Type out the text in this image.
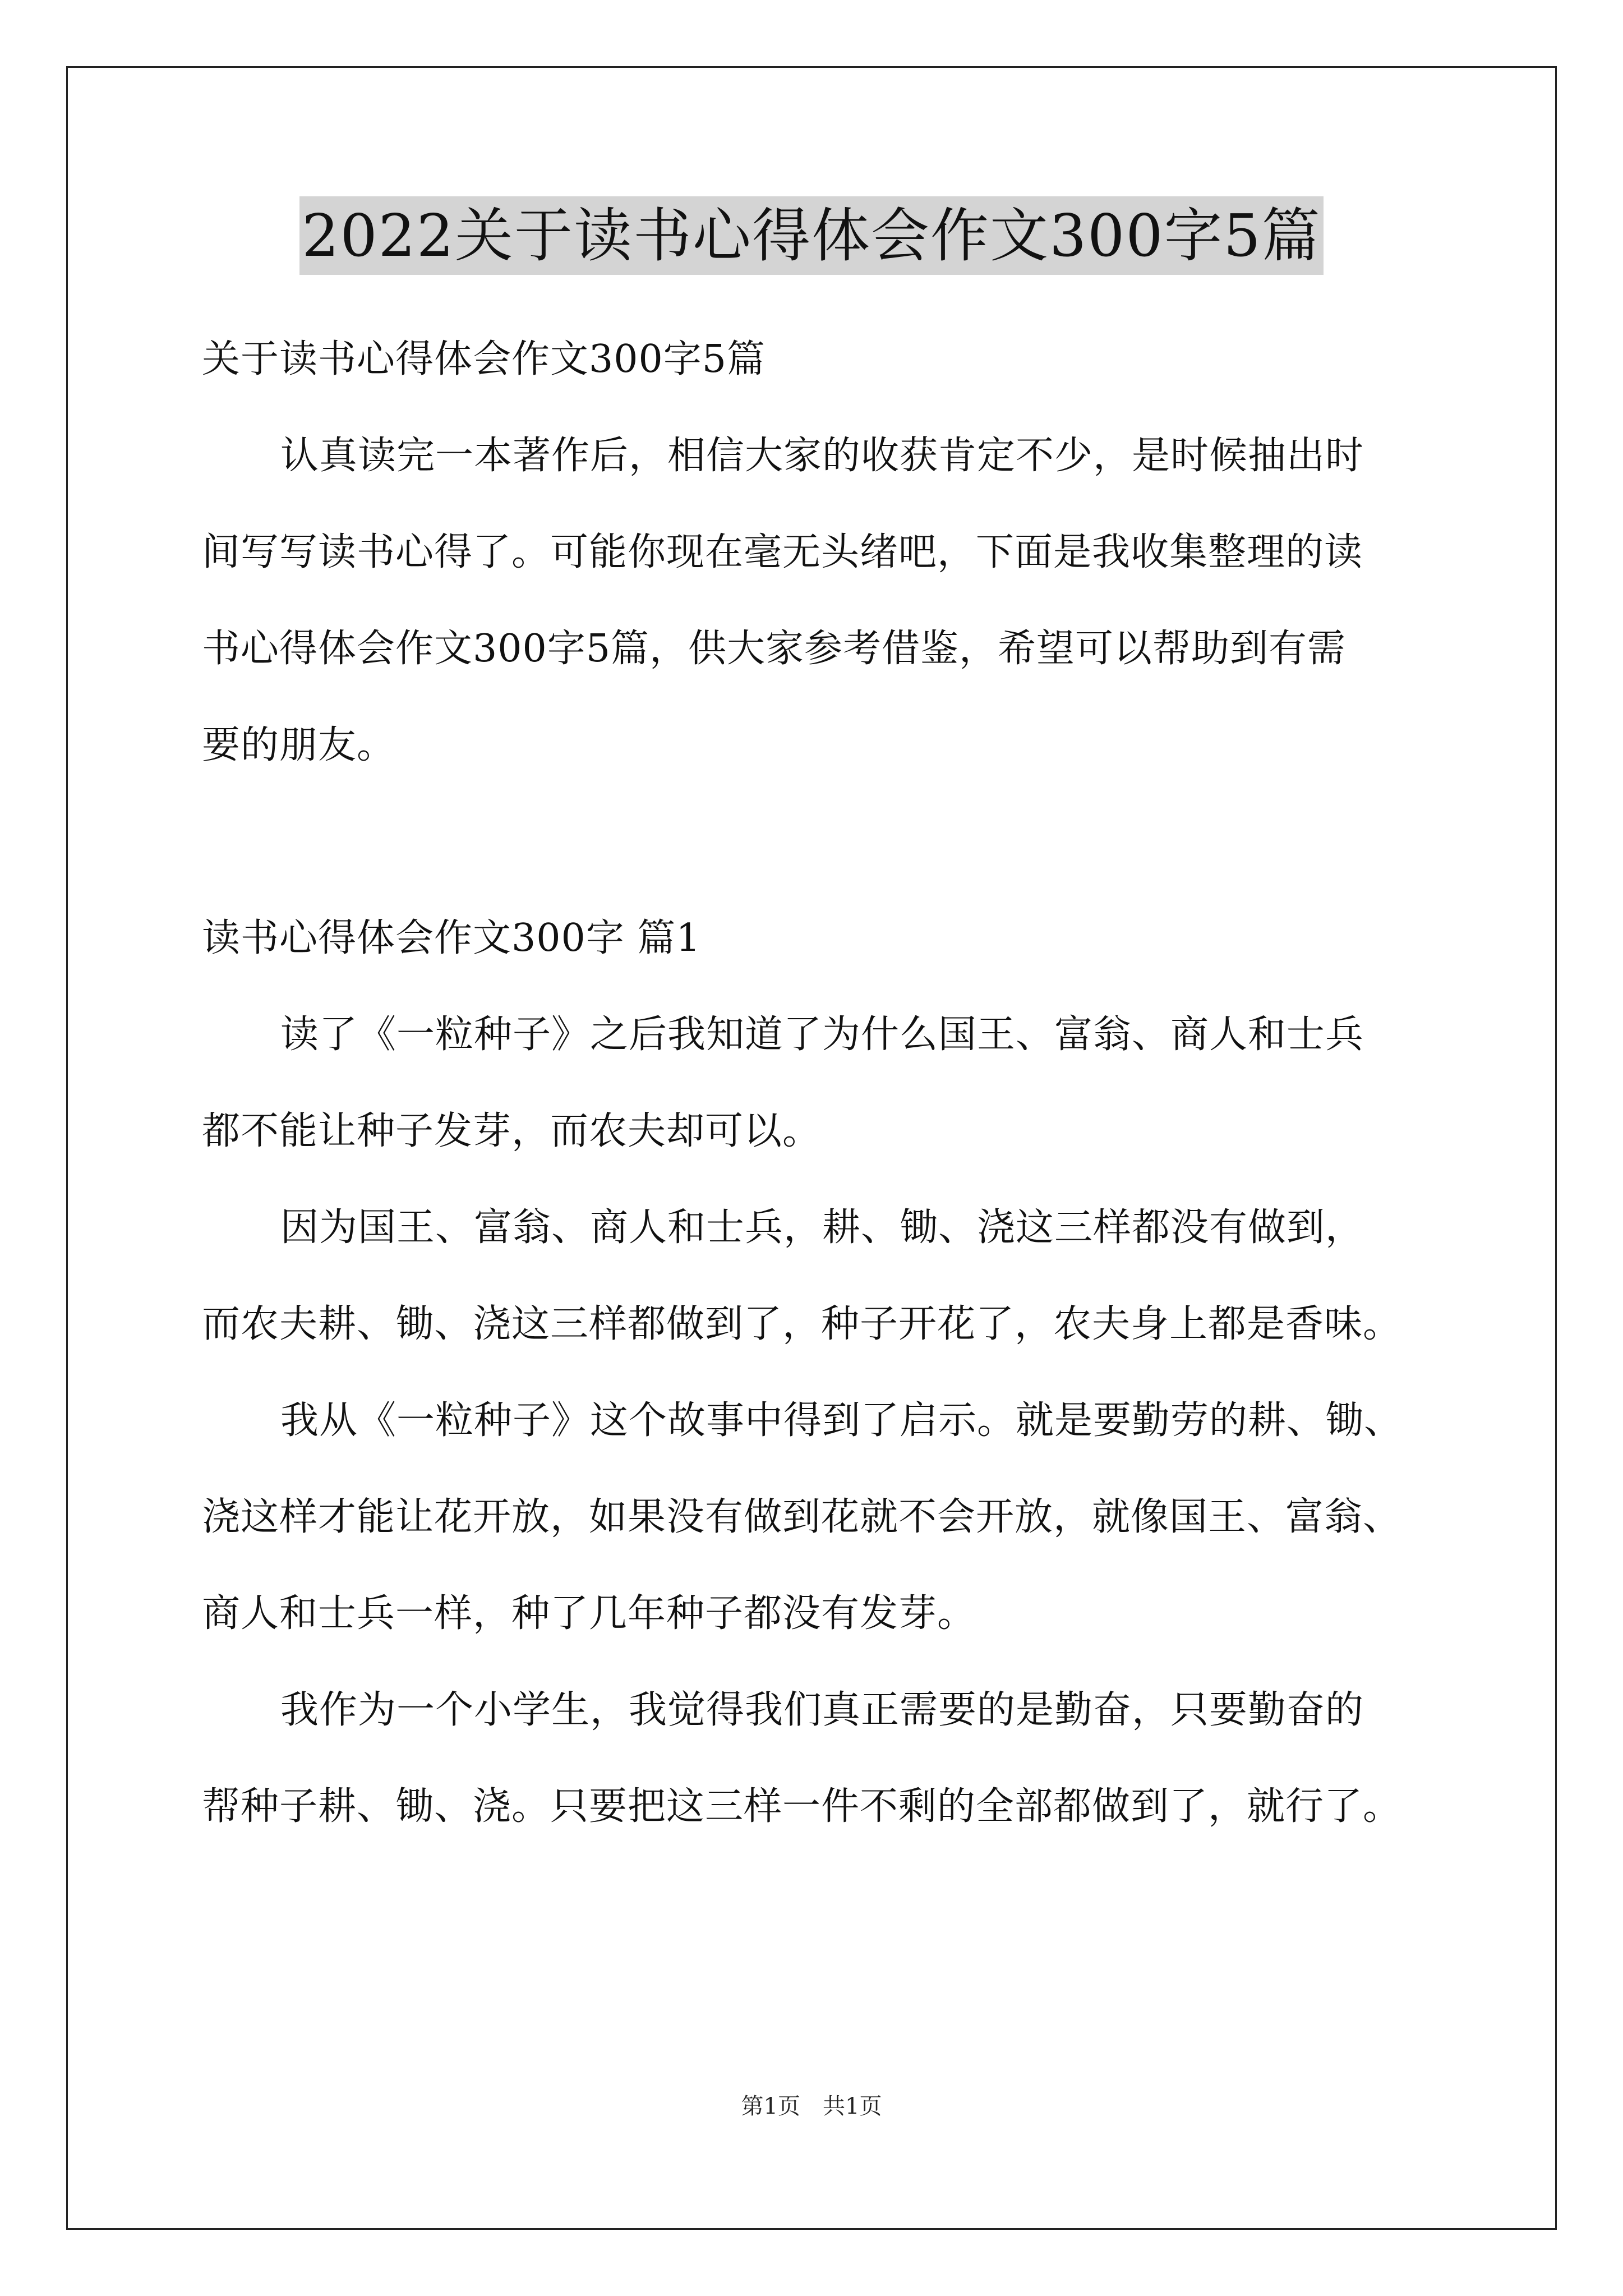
2022关于读书心得体会作文300字5篇
关于读书心得体会作文300字5篇
认真读完一本著作后，相信大家的收获肯定不少，是时候抽出时
间写写读书心得了。可能你现在毫无头绪吧，下面是我收集整理的读
书心得体会作文300字5篇，供大家参考借鉴，希望可以帮助到有需
要的朋友。
读书心得体会作文300字 篇1
读了《一粒种子》之后我知道了为什么国王、富翁、商人和士兵
都不能让种子发芽，而农夫却可以。
因为国王、富翁、商人和士兵，耕、锄、浇这三样都没有做到，
而农夫耕、锄、浇这三样都做到了，种子开花了，农夫身上都是香味。
我从《一粒种子》这个故事中得到了启示。就是要勤劳的耕、锄、
浇这样才能让花开放，如果没有做到花就不会开放，就像国王、富翁、
商人和士兵一样，种了几年种子都没有发芽。
我作为一个小学生，我觉得我们真正需要的是勤奋，只要勤奋的
帮种子耕、锄、浇。只要把这三样一件不剩的全部都做到了，就行了。
第1页　共1页
